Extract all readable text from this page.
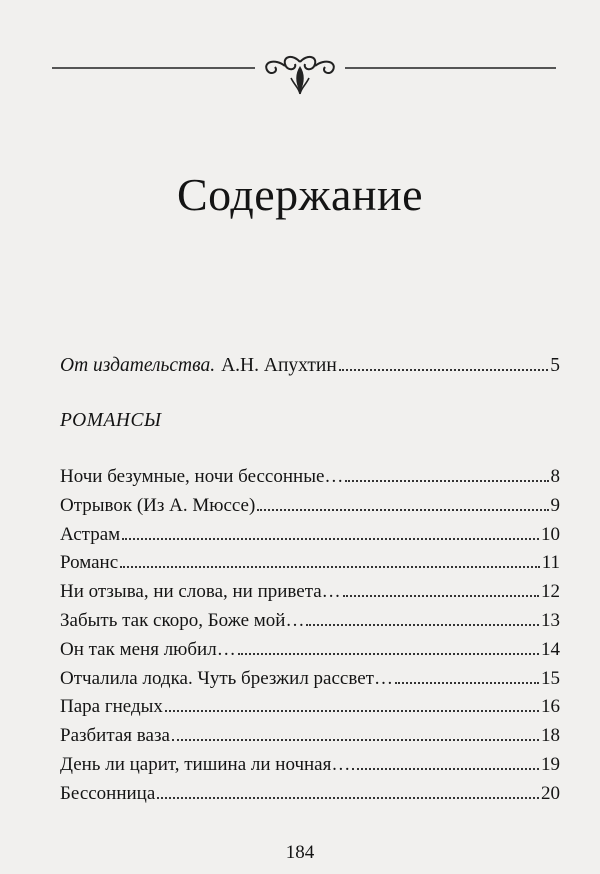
Содержание
От издательства. А.Н. Апухтин	5
РОМАНСЫ
Ночи безумные, ночи бессонные…	8
Отрывок (Из А. Мюссе)	9
Астрам	10
Романс	11
Ни отзыва, ни слова, ни привета…	12
Забыть так скоро, Боже мой…	13
Он так меня любил…	14
Отчалила лодка. Чуть брезжил рассвет…	15
Пара гнедых	16
Разбитая ваза	18
День ли царит, тишина ли ночная…	19
Бессонница	20
184
